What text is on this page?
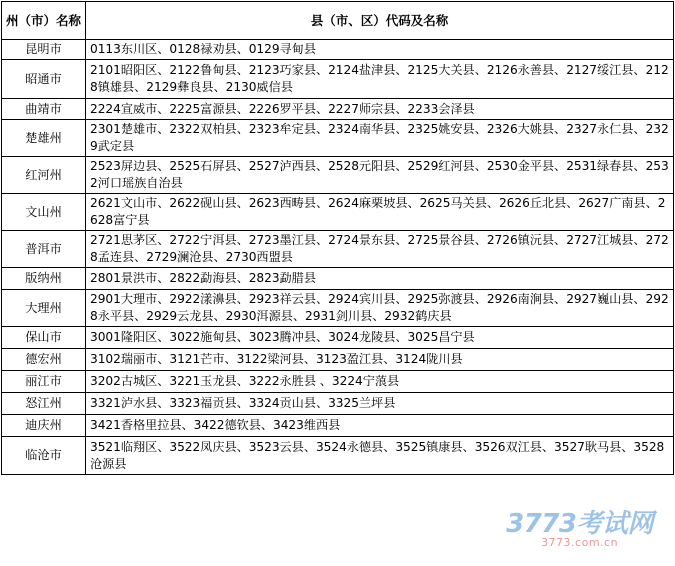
州（市）名称	县（市、区）代码及名称
昆明市	0113东川区、0128禄劝县、0129寻甸县
昭通市	2101昭阳区、2122鲁甸县、2123巧家县、2124盐津县、2125大关县、2126永善县、2127绥江县、2128镇雄县、2129彝良县、2130威信县
曲靖市	2224宣威市、2225富源县、2226罗平县、2227师宗县、2233会泽县
楚雄州	2301楚雄市、2322双柏县、2323牟定县、2324南华县、2325姚安县、2326大姚县、2327永仁县、2329武定县
红河州	2523屏边县、2525石屏县、2527泸西县、2528元阳县、2529红河县、2530金平县、2531绿春县、2532河口瑶族自治县
文山州	2621文山市、2622砚山县、2623西畴县、2624麻栗坡县、2625马关县、2626丘北县、2627广南县、2628富宁县
普洱市	2721思茅区、2722宁洱县、2723墨江县、2724景东县、2725景谷县、2726镇沅县、2727江城县、2728孟连县、2729澜沧县、2730西盟县
版纳州	2801景洪市、2822勐海县、2823勐腊县
大理州	2901大理市、2922漾濞县、2923祥云县、2924宾川县、2925弥渡县、2926南涧县、2927巍山县、2928永平县、2929云龙县、2930洱源县、2931剑川县、2932鹤庆县
保山市	3001隆阳区、3022施甸县、3023腾冲县、3024龙陵县、3025昌宁县
德宏州	3102瑞丽市、3121芒市、3122梁河县、3123盈江县、3124陇川县
丽江市	3202古城区、3221玉龙县、3222永胜县 、3224宁蒗县
怒江州	3321泸水县、3323福贡县、3324贡山县、3325兰坪县
迪庆州	3421香格里拉县、3422德钦县、3423维西县
临沧市	3521临翔区、3522凤庆县、3523云县、3524永德县、3525镇康县、3526双江县、3527耿马县、3528沧源县
3773考试网
3773.com.cn
